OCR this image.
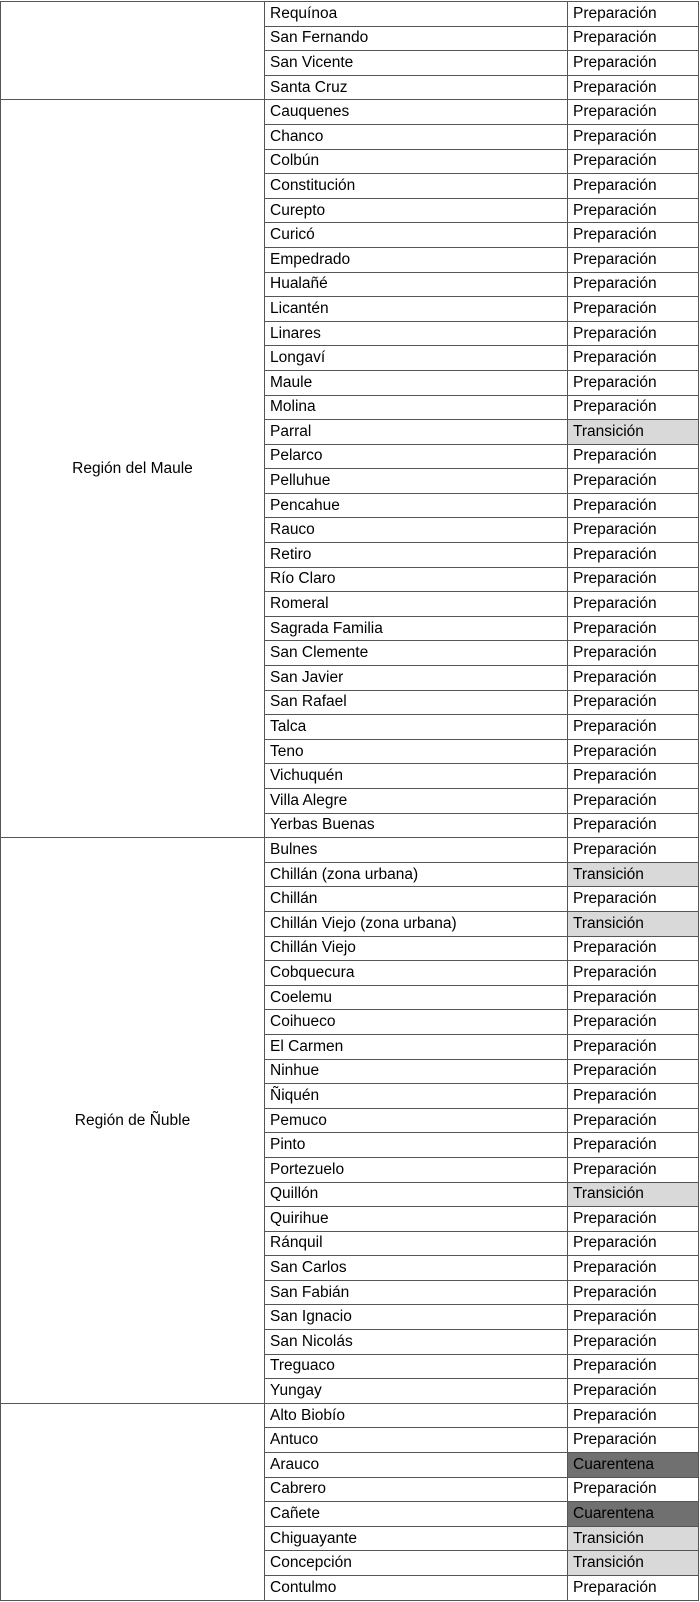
	Requínoa	Preparación
	San Fernando	Preparación
	San Vicente	Preparación
	Santa Cruz	Preparación
Región del Maule	Cauquenes	Preparación
	Chanco	Preparación
	Colbún	Preparación
	Constitución	Preparación
	Curepto	Preparación
	Curicó	Preparación
	Empedrado	Preparación
	Hualañé	Preparación
	Licantén	Preparación
	Linares	Preparación
	Longaví	Preparación
	Maule	Preparación
	Molina	Preparación
	Parral	Transición
	Pelarco	Preparación
	Pelluhue	Preparación
	Pencahue	Preparación
	Rauco	Preparación
	Retiro	Preparación
	Río Claro	Preparación
	Romeral	Preparación
	Sagrada Familia	Preparación
	San Clemente	Preparación
	San Javier	Preparación
	San Rafael	Preparación
	Talca	Preparación
	Teno	Preparación
	Vichuquén	Preparación
	Villa Alegre	Preparación
	Yerbas Buenas	Preparación
Región de Ñuble	Bulnes	Preparación
	Chillán (zona urbana)	Transición
	Chillán	Preparación
	Chillán Viejo (zona urbana)	Transición
	Chillán Viejo	Preparación
	Cobquecura	Preparación
	Coelemu	Preparación
	Coihueco	Preparación
	El Carmen	Preparación
	Ninhue	Preparación
	Ñiquén	Preparación
	Pemuco	Preparación
	Pinto	Preparación
	Portezuelo	Preparación
	Quillón	Transición
	Quirihue	Preparación
	Ránquil	Preparación
	San Carlos	Preparación
	San Fabián	Preparación
	San Ignacio	Preparación
	San Nicolás	Preparación
	Treguaco	Preparación
	Yungay	Preparación
	Alto Biobío	Preparación
	Antuco	Preparación
	Arauco	Cuarentena
	Cabrero	Preparación
	Cañete	Cuarentena
	Chiguayante	Transición
	Concepción	Transición
	Contulmo	Preparación
